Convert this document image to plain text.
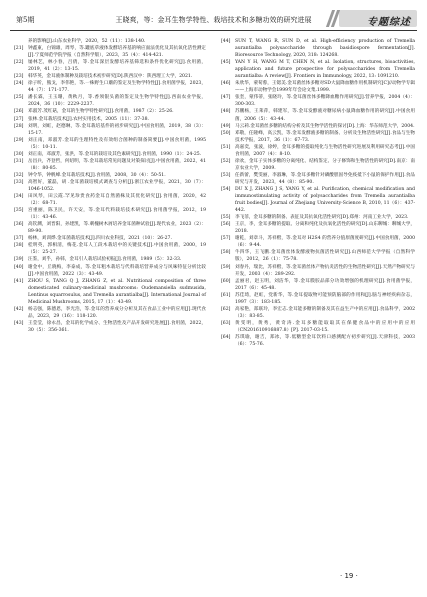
第5期	王晓爽，等：金耳生物学特性、栽培技术和多糖功效的研究进展	专题综述
养的影响[J].山东农业科学，2020，52（11）：138-140.
[21] 钟鑫東，白锦雄，周琴，等.罐底草液体发酵培养基的响应面法优化及其抗氧化活性测定[J].宁夏师范学院学报（自然科学版），2023，35（4）：414-421.
[22] 屡林艺，林小春，吕倩，等.金耳深层发酵培养基筛选和条件优化研究[J].食用菌，2019，41（2）：13-15.
[23] 韩华英，金耳液体制种及栽培技术初步研究[D].陕西汉中：陕西理工大学，2021.
[24] 徐子昕，熊戈，李伟艳，等.一株野生口蘑的鉴定及生物学特性[J].食用菌学报，2023，44（7）：171-177.
[25] 潘长霖，王玉珊，黄秋月，等.香须银头菌的鉴定及生物学特性[J].西南农业学报，2024，36（10）：2229-2237.
[26] 邓淑芳.茂红菇，金耳的生物学特性研究[J].食用菌，1987（2）：25-26.
[27] 张林.金耳栽培技术[J].农村实用技术，2005（11）：37-38.
[28] 刘明，刘虹，赵德琳，等.金耳栽培基件的初步研究[J].中国食用菌，2019，38（3）：15-17.
[29] 刘正南，邓淑芳.金耳的生理特性及有效组合菌种的制备简要[J].中国食用菌，1995（5）：10-11.
[30] 刘正南，邓淑芳，张洪，等.金耳的栽培及其色素研究[J].食用菌，1990（1）：24-25.
[31] 岳昌兵，齐登哲，何绍明，等.金耳栽培常见问题及对策探讨[J].中国食用菌，2022，41（8）：80-85.
[32] 钟令华，钟帆峰.金耳栽培技术[J].食用菌，2008，30（4）：50-51.
[33] 高智好，董磊，胡 .金耳菌栽培模式调查与分析[J].浙江农业学报，2021，30（7）：1046-1052.
[34] 田风琴，田云霞.罕见珍贵食药金耳自然菌株及其优化研究[J].食用菌，2020，42（2）：68-71.
[35] 宫重丽，陈卫民，许天安，等.金耳代料栽培技术研究[J].食用菌学报，2012，19（1）：43-46.
[36] 高钦渊，刘晋阳，孙建凯，等.刺槐树木屑培养金耳菌种试验[J].现代农业，2023（2）：89-90.
[37] 杨林，刘训烨.金耳菌栽培技术[J].四川农业科技，2021（10）：26-27.
[38] 桂明英，郭相清，梅花.金耳人工段木栽培中的关键技术[J].中国食用菌，2000，19（5）：25-27.
[39] 汪鉴，刘乎，孙韩，金耳引人栽培试验初报[J].食用菌，1989（5）：32-33.
[40] 谢金中，丘晓梅，李泰成，等.金耳粗木栽培与代料栽培营养成分与风味特征分析比较[J].中国食用菌，2022（3）：43-49.
[41] ZHOU S, TANG Q J, ZHANG Z, et al. Nutritional composition of three domesticated culinary-medicinal mushrooms: Oudemansiella sudmusida, Lentinus squarrosulus, and Tremella aurantialba[J]. International Journal of Medicinal Mushrooms, 2015, 17（1）：43-49.
[42] 杨志强，陈德恩，李光浩，等.金耳的营养成分分析及其在食品工业中的应用[J].现代食品，2023，29（16）：118-120.
[43] 王莹莹，徐永昌，金耳的化学成分、生物活性及产品开发研究进展[J].食用菌，2022，30（5）：356-361.
[44] SUN T, WANG R, SUN D, et al. High-efficiency production of Tremella aurantialba polysaccharide through basidiospore fermentation[J]. Bioresource Technology, 2020, 318: 124268.
[45] YAN Y H, WANG M T, CHEN N, et al. Isolation, structures, bioactivities, application and future prospective for polysaccharides from Tremella aurantialba: A review[J]. Frontiers in Immunology, 2022, 13: 1091210.
[46] 朱欣华，蒙荀蓉，王锶美.金耳菌丝体多糖对SD大鼠降血糖作用机制研究[C]//动物学专辑——上海市动物学会1999年年会论文集.1999.
[47] 张奎，蒙伟蒂，张晓玲，等.金耳菌丝体多糖降血糖作用研究[J].营养学报，2004（4）：300-303.
[48] 苏鹏杨，王莱萍，韩建军，等.金耳发酵液对糖尿病小鼠降血糖作用的研究[J].中国食用菌，2006（5）：43-44.
[49] 马云莉.金耳菌丝多糖的结构分析及其生物学活性的探讨[D].上海：华东师范大学，2004.
[50] 邓敬，任隆峰，高云凯，等.金耳发酵液多糖的制备、分析及生物活性研究[J].食品与生物技术学报，2017，36（1）：67-73.
[51] 高嘉奕，张波，徐婷，金耳多糖的提取纯化与生物活性研究进展及利用研究态考[J].中国食用菌，2007（4）：8-10.
[52] 徐欢，金耳子实体多糖的分离纯化、结构鉴定、分子修饰和生物活性的研究[D].南京：南京农业大学，2009.
[53] 任新蕾，樊雯丽，李淑琳，等.金耳多糖针对磷酸胆固导免疫抵下小鼠的保护作用[J].食品研究与开发，2023，44（8）：85-90.
[54] DU X J, ZHANG J S, YANG Y, et al. Purification, chemical modification and immunostimulating activity of polysaccharides from Tremella aurantialba fruit bodies[J]. Journal of Zhejiang University-Science B, 2010, 11（6）：437-442.
[55] 李飞菲，金耳多糖的制备、表征及其抗氧化活性研究[D].郑州：河南工业大学，2023.
[56] 王京，李，金耳多糖的提取、分离和纯化及抗氧化活性的研究[D].山东聊城：聊城大学，2018.
[57] 谢乾，刘章斗，苏祥楷，等.金耳对 H2S4 的营养分值原菌度研究[J].中国食用菌，2000（6）：9-44.
[58] 牛四华，王飞鹏.金耳菌丝体发酵液物抗菌活性研究[J].山西师范大学学报（自然科学版），2012，26（1）：75-78.
[59] 刘春丹，瑞比，苏祥楷，等.金耳菌丝体产物抗炎活性的生物活性研究[J].天然产物研究与开发，2003（4）：289-292.
[60] 孟丽君，赵玉明，刘洁华，等.金耳膜胶品部分功效增强的机理研究[J].食用菌学报，2017（6）：45-48.
[61] 苏佳琦，赵虹，党新华，等.金耳提取物可能预防脑部的作用和[J].脑与神经疾病杂志，1997（3）：183-185.
[62] 高家艳，郑联玲，李宏志.金耳能多糖的制备及其在益生产中的应用[J].食品科学，2002（3）：83-85.
[63] 黄雯明，黄秀，黄奇涛.金耳多糖能取取其在保健食品中的应用中的应用（CN201610916887.8）[P]. 2017-03-15.
[64] 苏琪瑜，谢吉，郑冰，等.低糖型金耳饮料口感测配方初步研究[J].天津科技，2003（6）：75-76.
· 19 ·
